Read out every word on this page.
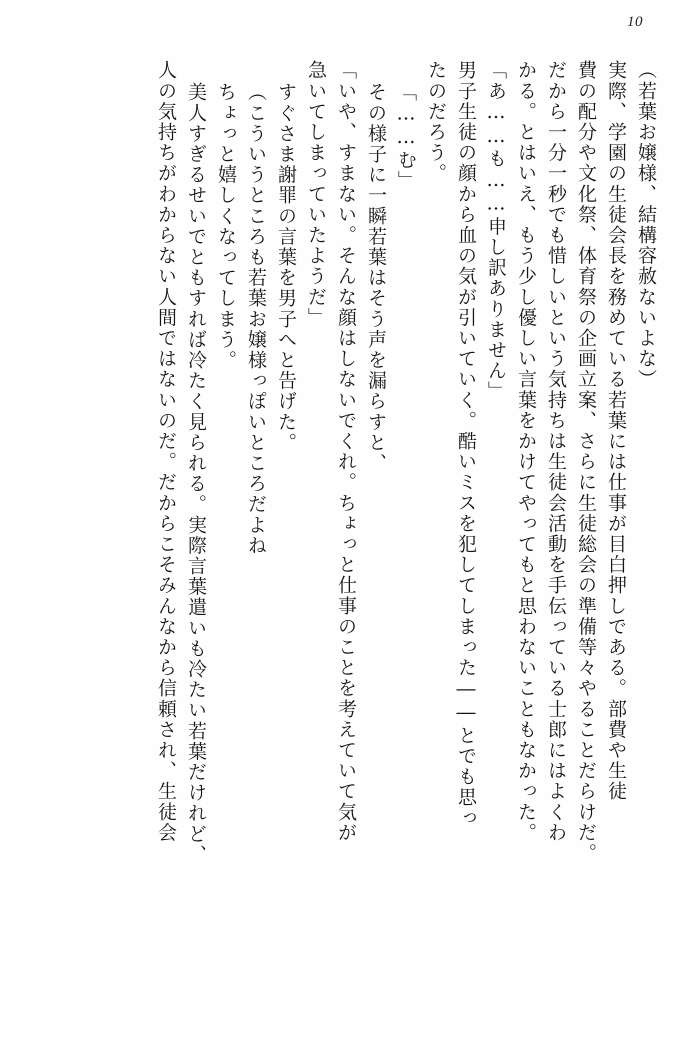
10
（若葉お嬢様、結構容赦ないよな）
実際、学園の生徒会長を務めている若葉には仕事が目白押しである。部費や生徒
費の配分や文化祭、体育祭の企画立案、さらに生徒総会の準備等々やることだらけだ。
だから一分一秒でも惜しいという気持ちは生徒会活動を手伝っている士郎にはよくわ
かる。とはいえ、もう少し優しい言葉をかけてやってもと思わないこともなかった。
「あ……も……申し訳ありません」
男子生徒の顔から血の気が引いていく。酷いミスを犯してしまった――とでも思っ
たのだろう。
「……む」
その様子に一瞬若葉はそう声を漏らすと、
「いや、すまない。そんな顔はしないでくれ。ちょっと仕事のことを考えていて気が
急いてしまっていたようだ」
すぐさま謝罪の言葉を男子へと告げた。
（こういうところも若葉お嬢様っぽいところだよね
ちょっと嬉しくなってしまう。
美人すぎるせいでともすれば冷たく見られる。実際言葉遣いも冷たい若葉だけれど、
人の気持ちがわからない人間ではないのだ。だからこそみんなから信頼され、生徒会
